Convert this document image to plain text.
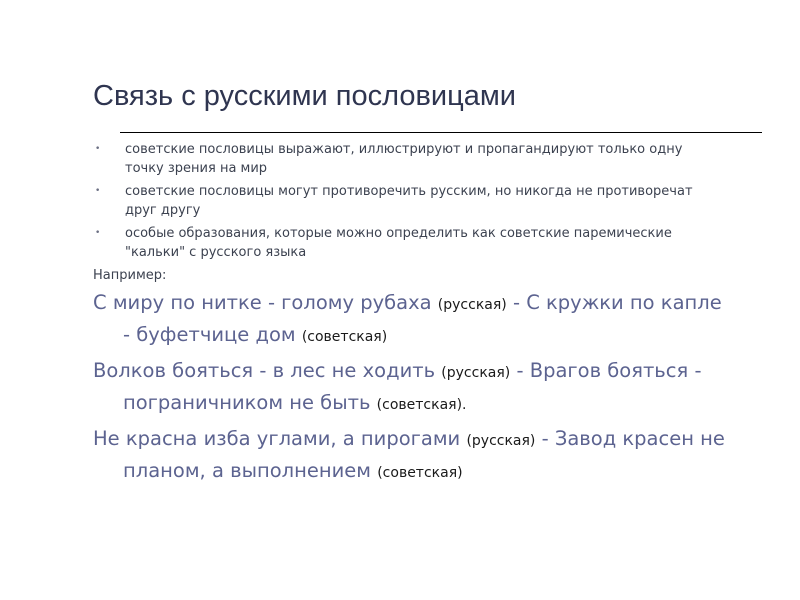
Связь с русскими пословицами
• советские пословицы выражают, иллюстрируют и пропагандируют только одну точку зрения на мир
• советские пословицы могут противоречить русским, но никогда не противоречат друг другу
• особые образования, которые можно определить как советские паремические "кальки" с русского языка
Например:
С миру по нитке - голому рубаха (русская) - С кружки по капле - буфетчице дом (советская)
Волков бояться - в лес не ходить (русская) - Врагов бояться - пограничником не быть (советская).
Не красна изба углами, а пирогами (русская) - Завод красен не планом, а выполнением (советская)
